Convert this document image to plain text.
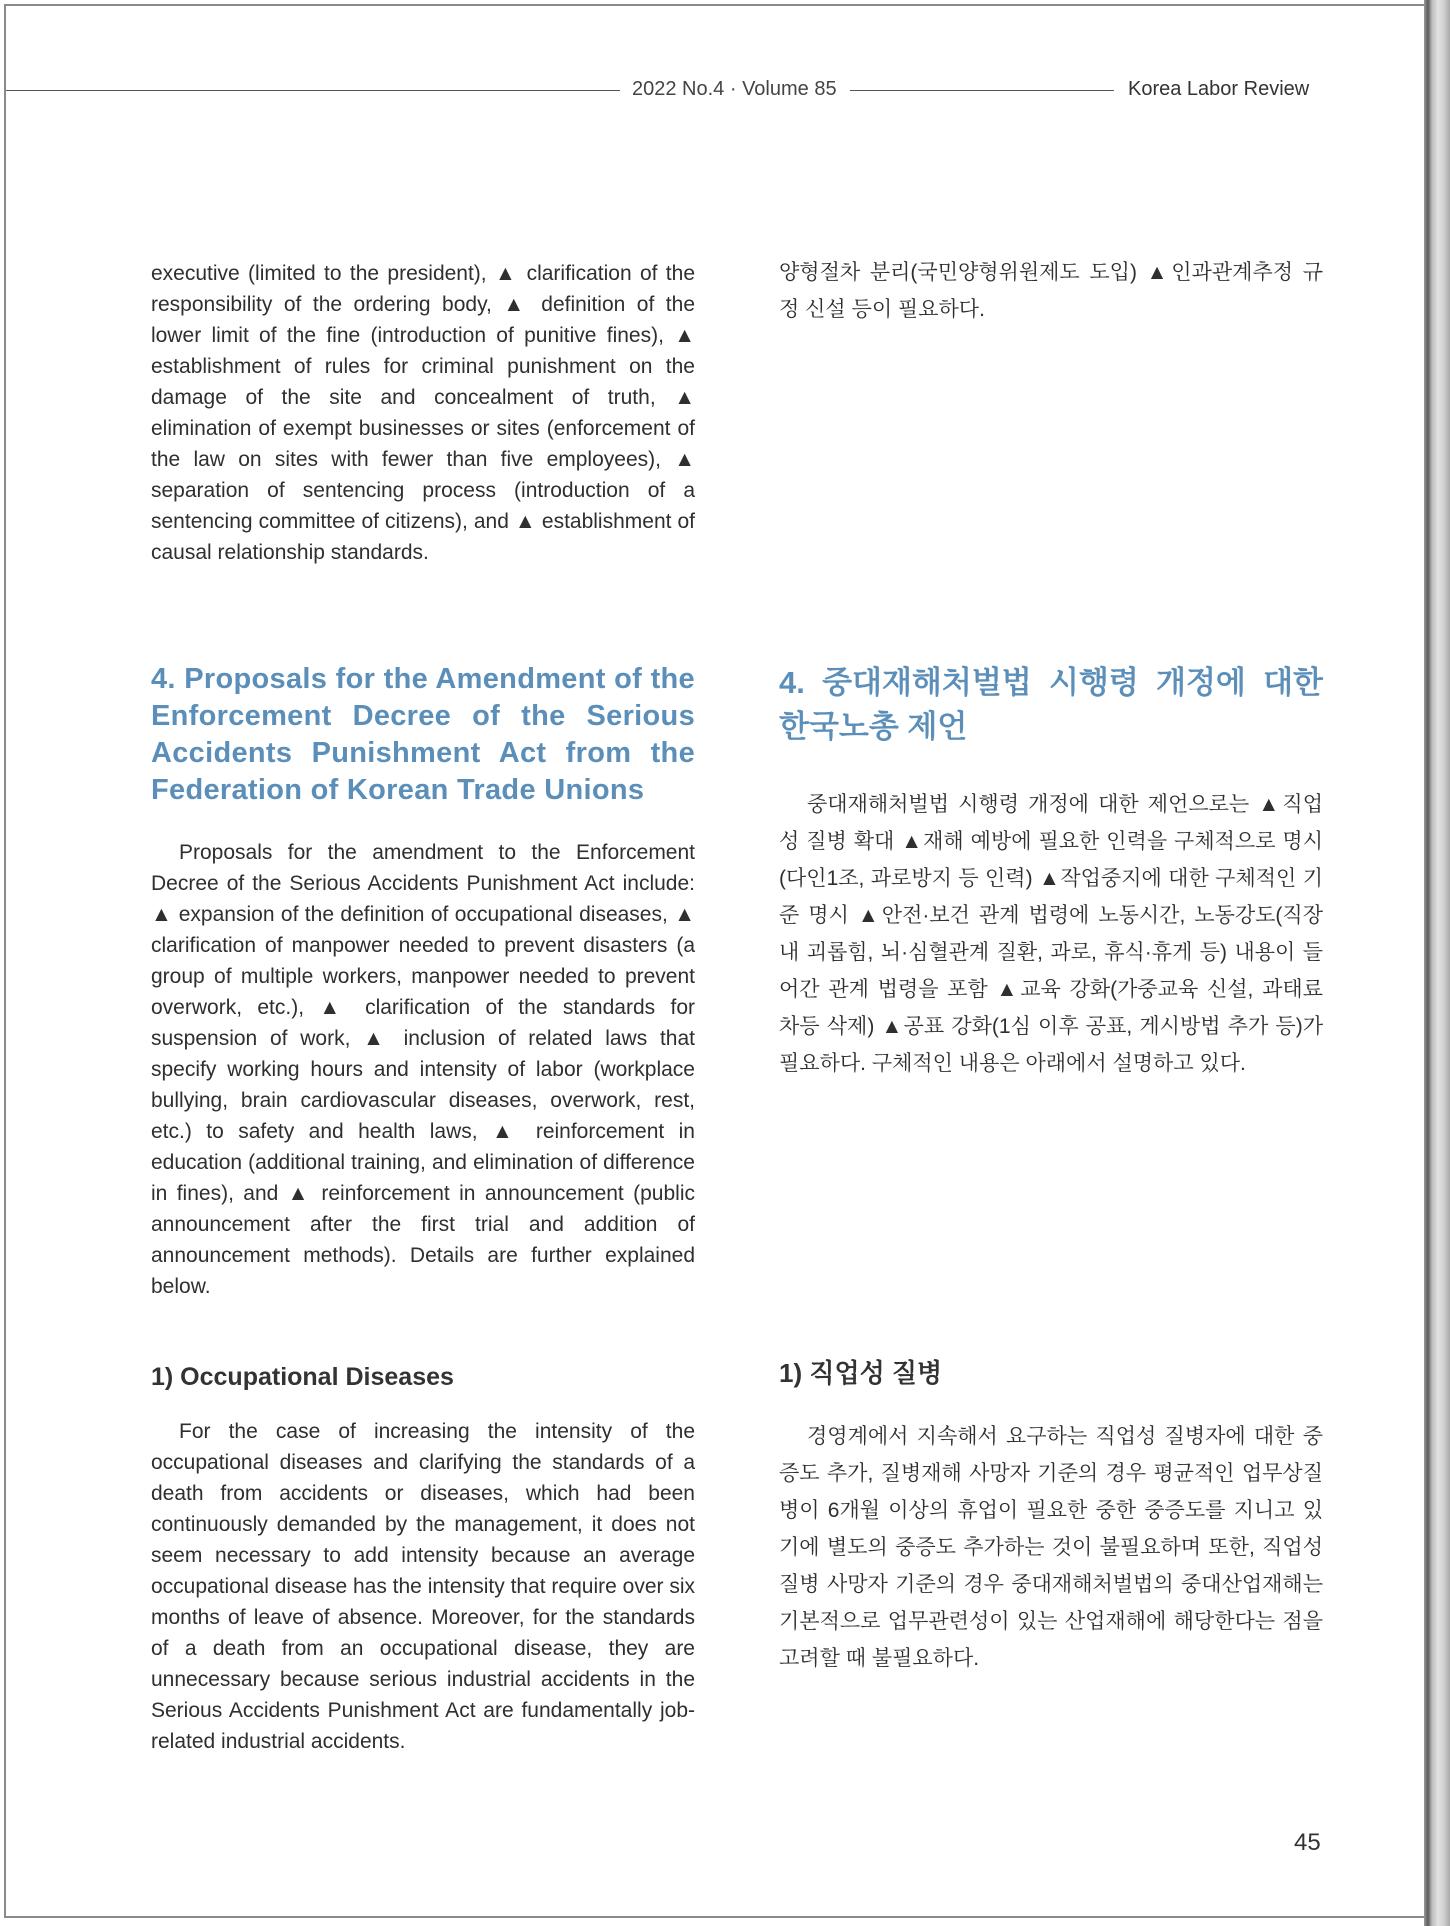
2022 No.4 · Volume 85	Korea Labor Review

executive (limited to the president), ▲ clarification of the responsibility of the ordering body, ▲ definition of the lower limit of the fine (introduction of punitive fines), ▲ establishment of rules for criminal punishment on the damage of the site and concealment of truth, ▲ elimination of exempt businesses or sites (enforcement of the law on sites with fewer than five employees), ▲ separation of sentencing process (introduction of a sentencing committee of citizens), and ▲ establishment of causal relationship standards.

4. Proposals for the Amendment of the Enforcement Decree of the Serious Accidents Punishment Act from the Federation of Korean Trade Unions

Proposals for the amendment to the Enforcement Decree of the Serious Accidents Punishment Act include: ▲ expansion of the definition of occupational diseases, ▲ clarification of manpower needed to prevent disasters (a group of multiple workers, manpower needed to prevent overwork, etc.), ▲ clarification of the standards for suspension of work, ▲ inclusion of related laws that specify working hours and intensity of labor (workplace bullying, brain cardiovascular diseases, overwork, rest, etc.) to safety and health laws, ▲ reinforcement in education (additional training, and elimination of difference in fines), and ▲ reinforcement in announcement (public announcement after the first trial and addition of announcement methods). Details are further explained below.

1) Occupational Diseases

For the case of increasing the intensity of the occupational diseases and clarifying the standards of a death from accidents or diseases, which had been continuously demanded by the management, it does not seem necessary to add intensity because an average occupational disease has the intensity that require over six months of leave of absence. Moreover, for the standards of a death from an occupational disease, they are unnecessary because serious industrial accidents in the Serious Accidents Punishment Act are fundamentally job-related industrial accidents.

양형절차 분리(국민양형위원제도 도입) ▲인과관계추정 규정 신설 등이 필요하다.

4. 중대재해처벌법 시행령 개정에 대한 한국노총 제언

중대재해처벌법 시행령 개정에 대한 제언으로는 ▲직업성 질병 확대 ▲재해 예방에 필요한 인력을 구체적으로 명시(다인1조, 과로방지 등 인력) ▲작업중지에 대한 구체적인 기준 명시 ▲안전·보건 관계 법령에 노동시간, 노동강도(직장 내 괴롭힘, 뇌·심혈관계 질환, 과로, 휴식·휴게 등) 내용이 들어간 관계 법령을 포함 ▲교육 강화(가중교육 신설, 과태료 차등 삭제) ▲공표 강화(1심 이후 공표, 게시방법 추가 등)가 필요하다. 구체적인 내용은 아래에서 설명하고 있다.

1) 직업성 질병

경영계에서 지속해서 요구하는 직업성 질병자에 대한 중증도 추가, 질병재해 사망자 기준의 경우 평균적인 업무상질병이 6개월 이상의 휴업이 필요한 중한 중증도를 지니고 있기에 별도의 중증도 추가하는 것이 불필요하며 또한, 직업성 질병 사망자 기준의 경우 중대재해처벌법의 중대산업재해는 기본적으로 업무관련성이 있는 산업재해에 해당한다는 점을 고려할 때 불필요하다.

45
